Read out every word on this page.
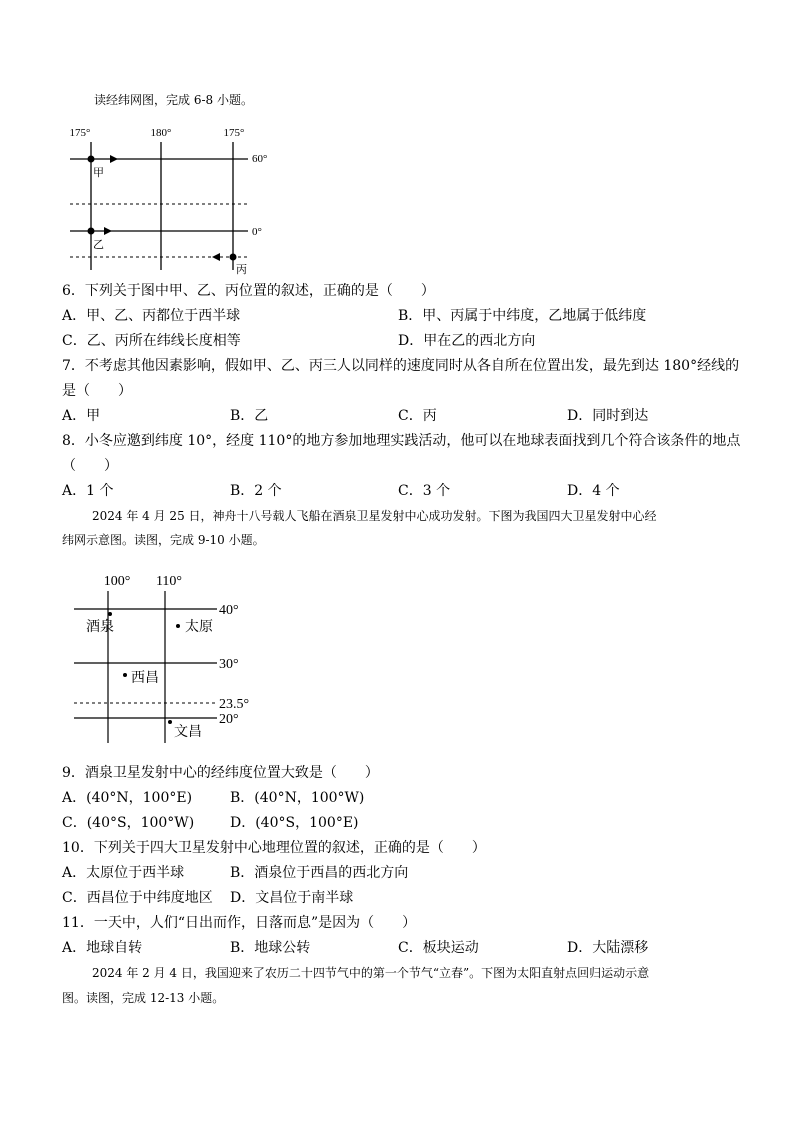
读经纬网图，完成 6-8 小题。
175°	180°	175°
60°
0°
甲
乙
丙
6．下列关于图中甲、乙、丙位置的叙述，正确的是（　　）
A．甲、乙、丙都位于西半球	B．甲、丙属于中纬度，乙地属于低纬度
C．乙、丙所在纬线长度相等	D．甲在乙的西北方向
7．不考虑其他因素影响，假如甲、乙、丙三人以同样的速度同时从各自所在位置出发，最先到达 180°经线的
是（　　）
A．甲	B．乙	C．丙	D．同时到达
8．小冬应邀到纬度 10°，经度 110°的地方参加地理实践活动，他可以在地球表面找到几个符合该条件的地点
（　　）
A．1 个	B．2 个	C．3 个	D．4 个
2024 年 4 月 25 日，神舟十八号载人飞船在酒泉卫星发射中心成功发射。下图为我国四大卫星发射中心经
纬网示意图。读图，完成 9-10 小题。
100° 110°
40°
30°
23.5°
20°
酒泉	太原
西昌
文昌
9．酒泉卫星发射中心的经纬度位置大致是（　　）
A．(40°N，100°E)	B．(40°N，100°W)
C．(40°S，100°W)	D．(40°S，100°E)
10．下列关于四大卫星发射中心地理位置的叙述，正确的是（　　）
A．太原位于西半球	B．酒泉位于西昌的西北方向
C．西昌位于中纬度地区 D．文昌位于南半球
11．一天中，人们“日出而作，日落而息”是因为（　　）
A．地球自转	B．地球公转	C．板块运动	D．大陆漂移
2024 年 2 月 4 日，我国迎来了农历二十四节气中的第一个节气“立春”。下图为太阳直射点回归运动示意
图。读图，完成 12-13 小题。
